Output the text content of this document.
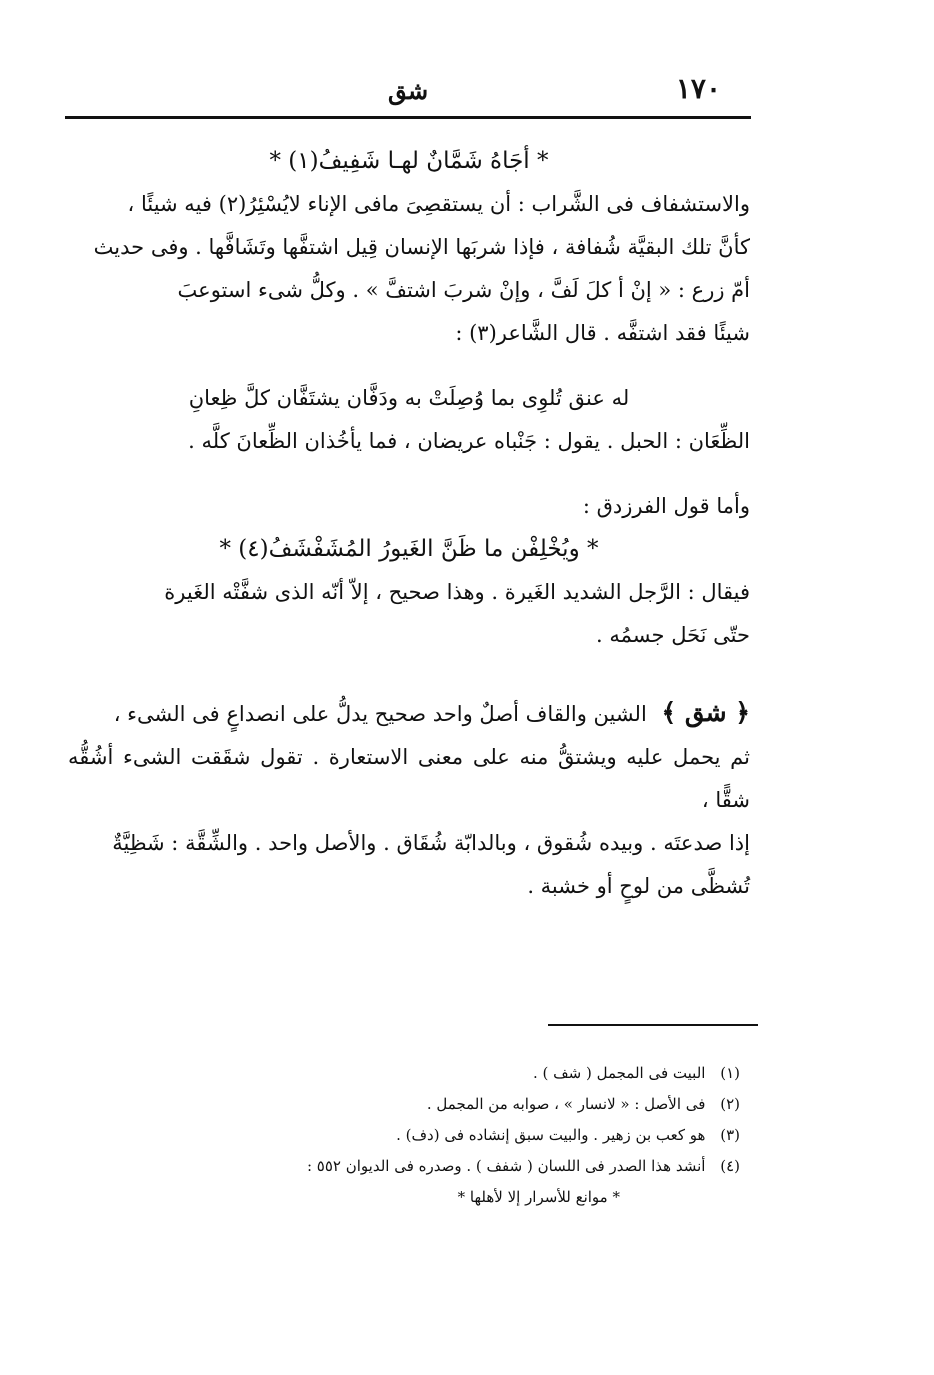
١٧٠
شق

* أجَاهُ شَمَّانٌ لهـا شَفِيفُ(١) *

والاستشفاف فى الشَّراب : أن يستقصِىَ مافى الإناء لايُسْئِرُ(٢) فيه شيئًا ،

كأنَّ تلك البقيَّة شُفافة ، فإذا شربَها الإنسان قِيل اشتفَّها وتَشَافَّها . وفى حديث

أمّ زرع : « إنْ أ كلَ لَفَّ ، وإنْ شربَ اشتفَّ » . وكلُّ شىء استوعبَ

شيئًا فقد اشتفَّه . قال الشَّاعر(٣) :

له عنق تُلوِى بما وُصِلَتْ به ودَفَّان يشتَفَّان كلَّ ظِعانِ

الظِّعَان : الحبل . يقول : جَنْباه عريضان ، فما يأخُذان الظِّعانَ كلَّه .

وأما قول الفرزدق :

* ويُخْلِفْن ما ظَنَّ الغَيورُ المُشَفْشَفُ(٤) *

فيقال : الرَّجل الشديد الغَيرة . وهذا صحيح ، إلاّ أنّه الذى شفَّتْه الغَيرة

حتّى نَحَل جسمُه .

﴿ شق ﴾ الشين والقاف أصلٌ واحد صحيح يدلُّ على انصداعٍ فى الشىء ،

ثم يحمل عليه ويشتقُّ منه على معنى الاستعارة . تقول شقَقت الشىء أشُقُّه شقًّا ،

إذا صدعتَه . وبيده شُقوق ، وبالدابّة شُقَاق . والأصل واحد . والشِّقَّة : شَظِيَّةٌ

تُشظَّى من لوحٍ أو خشبة .

(١) البيت فى المجمل ( شف ) .
(٢) فى الأصل : « لانسار » ، صوابه من المجمل .
(٣) هو كعب بن زهير . والبيت سبق إنشاده فى (دف) .
(٤) أنشد هذا الصدر فى اللسان ( شفف ) . وصدره فى الديوان ٥٥٢ :
* موانع للأسرار إلا لأهلها *
